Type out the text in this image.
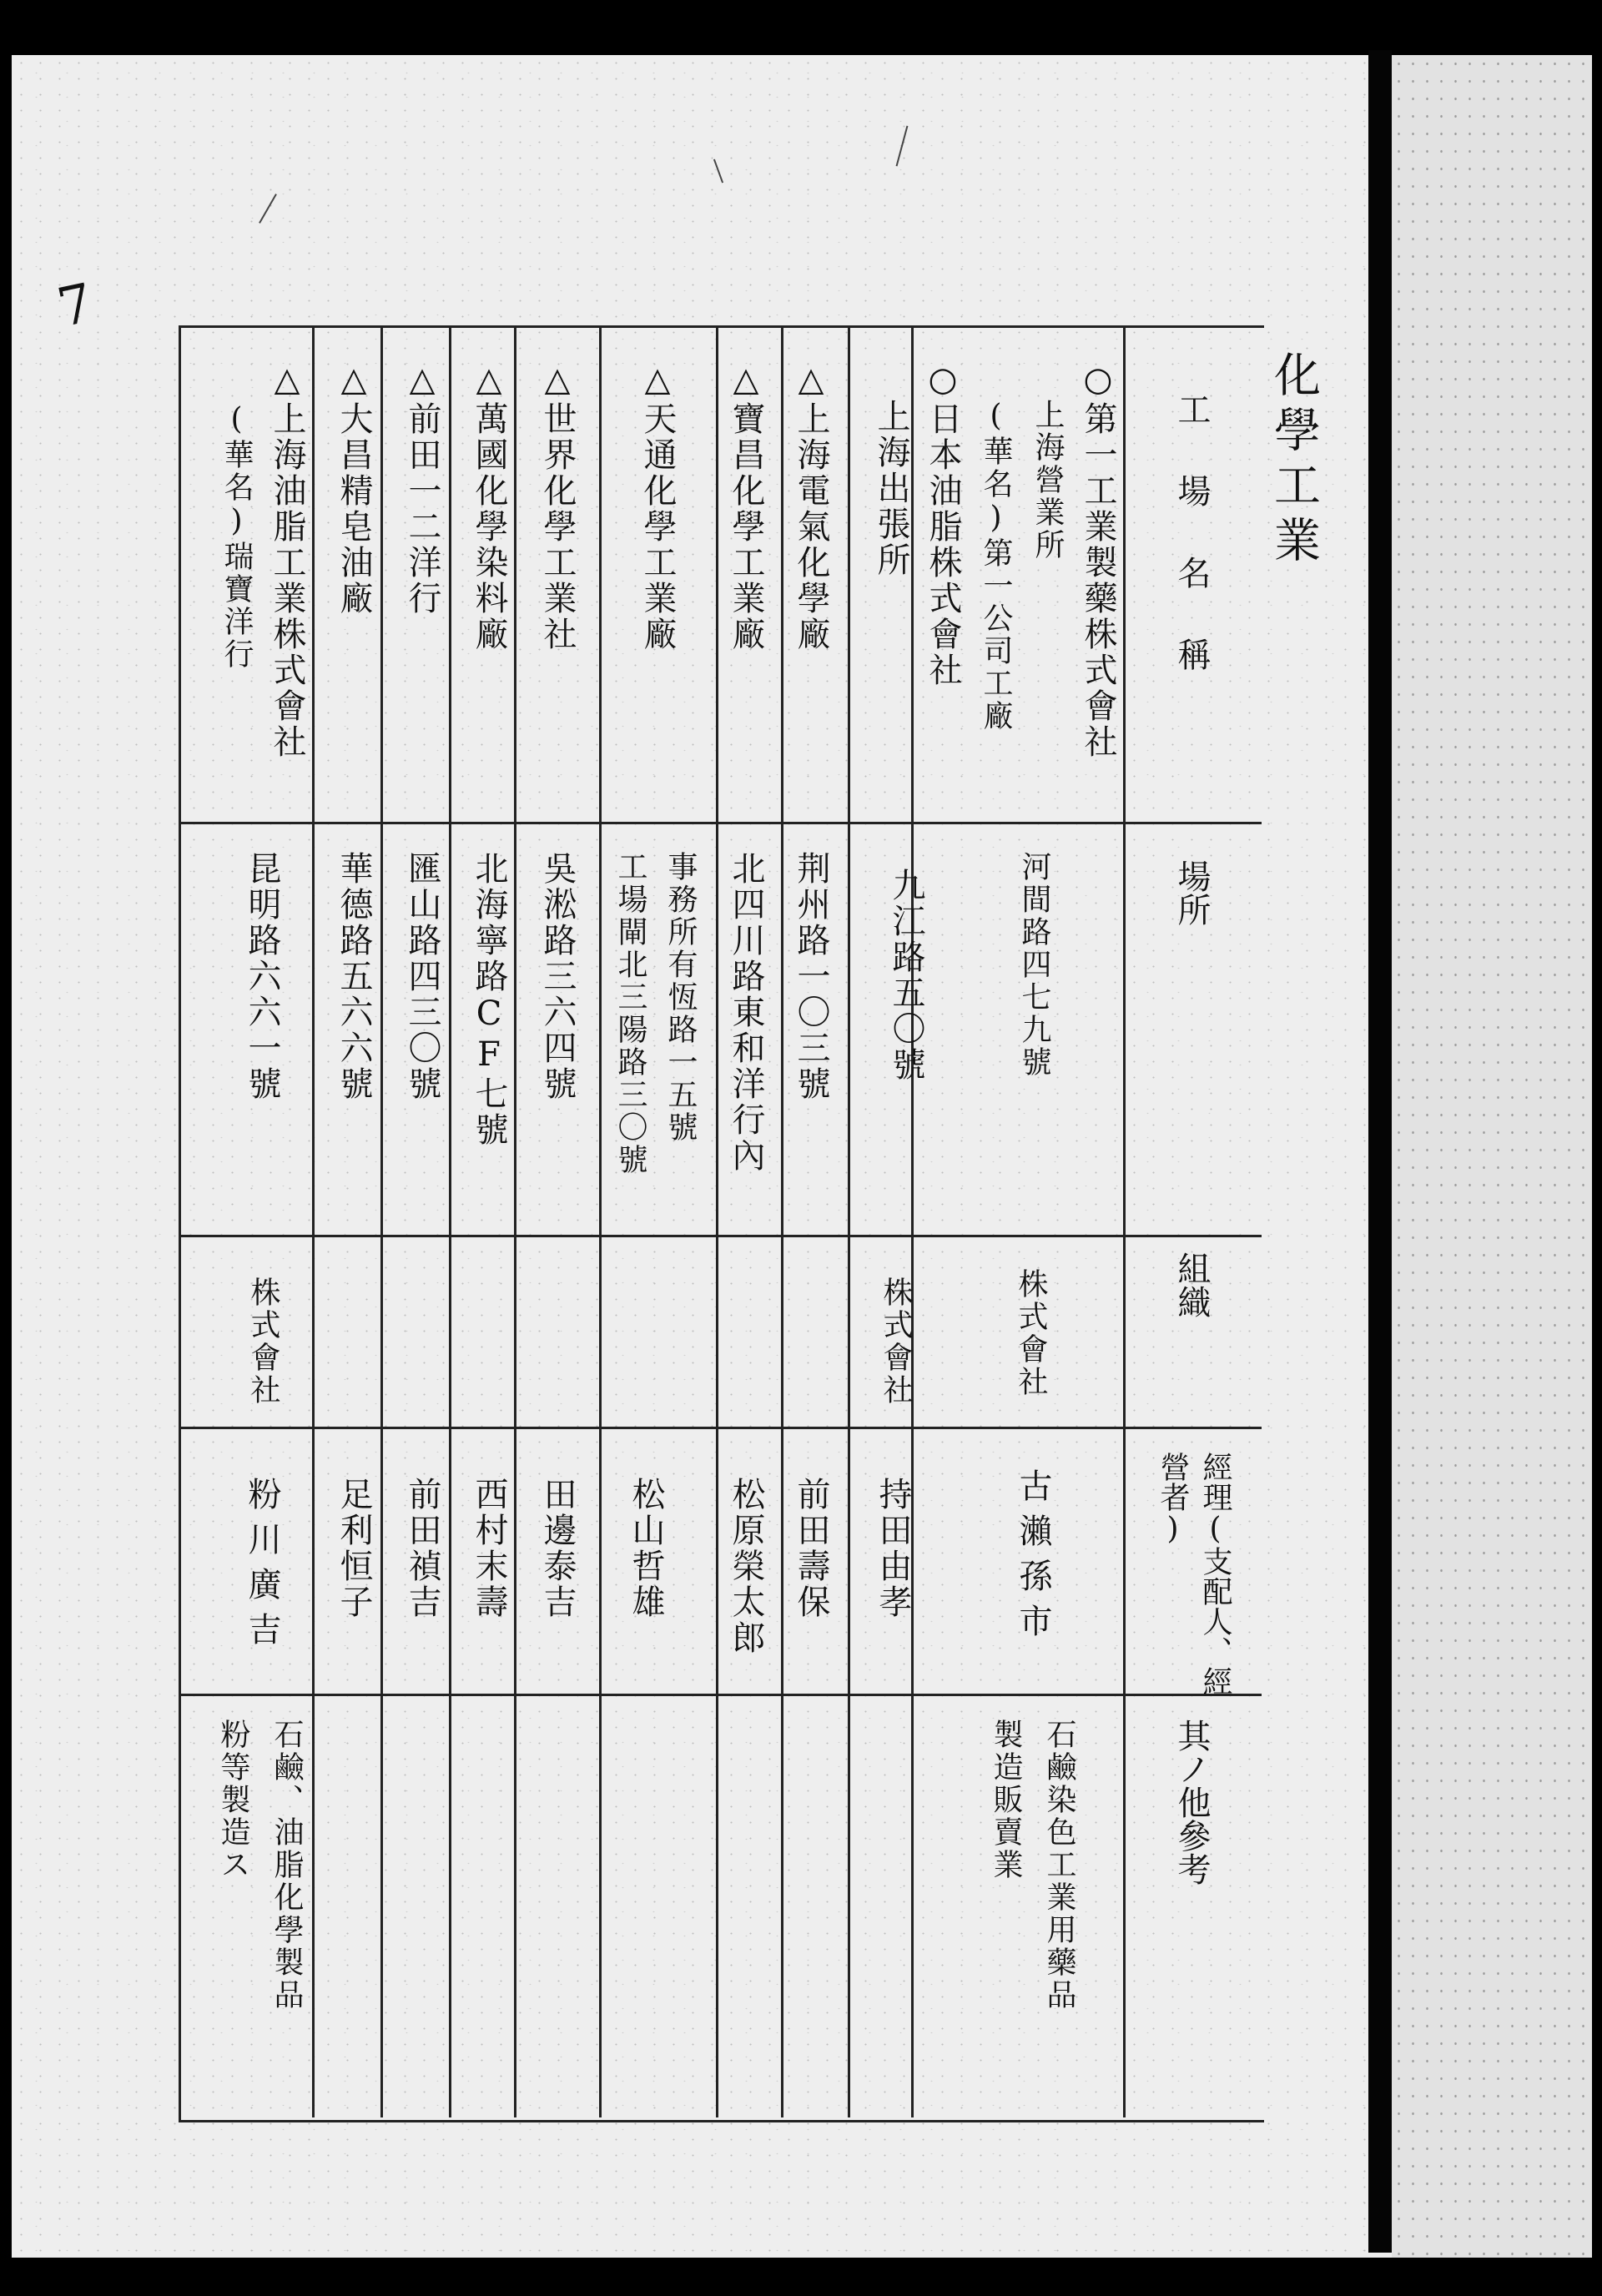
7
化學工業
工場名稱
場所
組織
經理(支配人、經營者)
其ノ他參考
○第一工業製藥株式會社
上海營業所
(華名)第一公司工廠
河間路四七九號
株式會社
古瀨孫市
石鹼染色工業用藥品
製造販賣業
○日本油脂株式會社
上海出張所
九江路五〇號
株式會社
持田由孝
△上海電氣化學廠
荆州路一〇三號
前田壽保
△寶昌化學工業廠
北四川路東和洋行內
松原榮太郎
△天通化學工業廠
事務所有恆路一五號
工場閘北三陽路三〇號
松山哲雄
△世界化學工業社
吳淞路三六四號
田邊泰吉
△萬國化學染料廠
北海寧路CF七號
西村末壽
△前田一二洋行
匯山路四三〇號
前田禎吉
△大昌精皂油廠
華德路五六六號
足利恒子
△上海油脂工業株式會社
(華名)瑞寶洋行
昆明路六六一號
株式會社
粉川廣吉
石鹼、油脂化學製品
粉等製造ス
